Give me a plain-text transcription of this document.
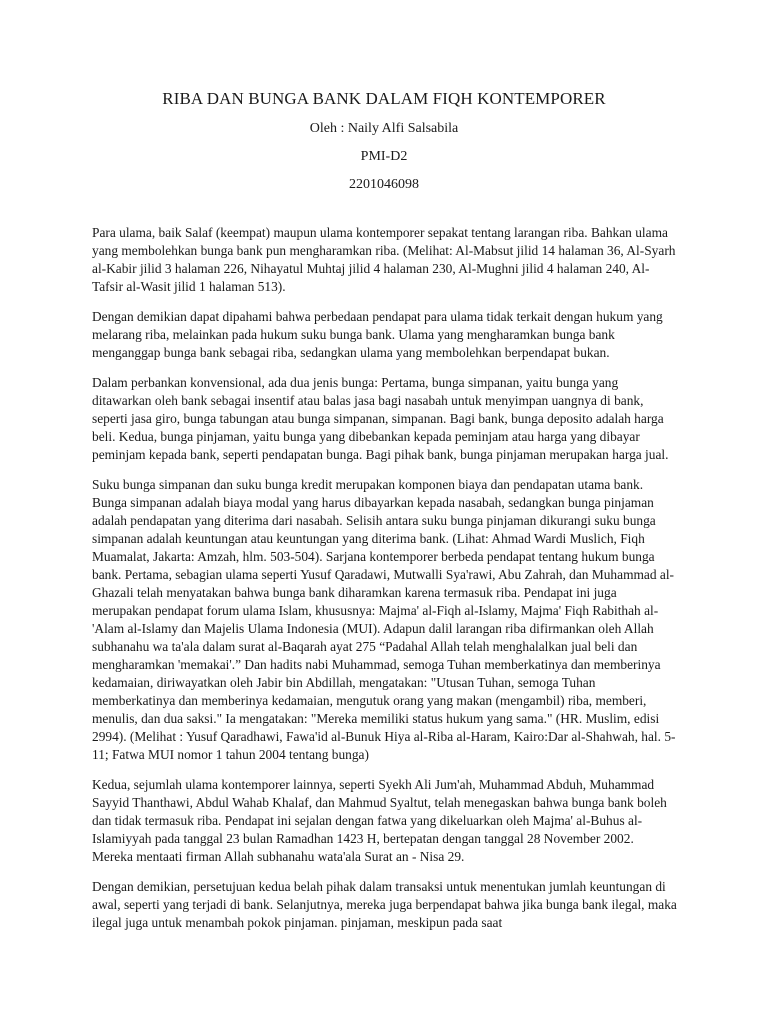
RIBA DAN BUNGA BANK DALAM FIQH KONTEMPORER

Oleh : Naily Alfi Salsabila

PMI-D2

2201046098

Para ulama, baik Salaf (keempat) maupun ulama kontemporer sepakat tentang larangan riba. Bahkan ulama yang membolehkan bunga bank pun mengharamkan riba. (Melihat: Al-Mabsut jilid 14 halaman 36, Al-Syarh al-Kabir jilid 3 halaman 226, Nihayatul Muhtaj jilid 4 halaman 230, Al-Mughni jilid 4 halaman 240, Al-Tafsir al-Wasit jilid 1 halaman 513).

Dengan demikian dapat dipahami bahwa perbedaan pendapat para ulama tidak terkait dengan hukum yang melarang riba, melainkan pada hukum suku bunga bank. Ulama yang mengharamkan bunga bank menganggap bunga bank sebagai riba, sedangkan ulama yang membolehkan berpendapat bukan.

Dalam perbankan konvensional, ada dua jenis bunga: Pertama, bunga simpanan, yaitu bunga yang ditawarkan oleh bank sebagai insentif atau balas jasa bagi nasabah untuk menyimpan uangnya di bank, seperti jasa giro, bunga tabungan atau bunga simpanan, simpanan. Bagi bank, bunga deposito adalah harga beli. Kedua, bunga pinjaman, yaitu bunga yang dibebankan kepada peminjam atau harga yang dibayar peminjam kepada bank, seperti pendapatan bunga. Bagi pihak bank, bunga pinjaman merupakan harga jual.

Suku bunga simpanan dan suku bunga kredit merupakan komponen biaya dan pendapatan utama bank. Bunga simpanan adalah biaya modal yang harus dibayarkan kepada nasabah, sedangkan bunga pinjaman adalah pendapatan yang diterima dari nasabah. Selisih antara suku bunga pinjaman dikurangi suku bunga simpanan adalah keuntungan atau keuntungan yang diterima bank. (Lihat: Ahmad Wardi Muslich, Fiqh Muamalat, Jakarta: Amzah, hlm. 503-504). Sarjana kontemporer berbeda pendapat tentang hukum bunga bank. Pertama, sebagian ulama seperti Yusuf Qaradawi, Mutwalli Sya'rawi, Abu Zahrah, dan Muhammad al-Ghazali telah menyatakan bahwa bunga bank diharamkan karena termasuk riba. Pendapat ini juga merupakan pendapat forum ulama Islam, khususnya: Majma' al-Fiqh al-Islamy, Majma' Fiqh Rabithah al-'Alam al-Islamy dan Majelis Ulama Indonesia (MUI). Adapun dalil larangan riba difirmankan oleh Allah subhanahu wa ta'ala dalam surat al-Baqarah ayat 275 “Padahal Allah telah menghalalkan jual beli dan mengharamkan 'memakai'.” Dan hadits nabi Muhammad, semoga Tuhan memberkatinya dan memberinya kedamaian, diriwayatkan oleh Jabir bin Abdillah, mengatakan: "Utusan Tuhan, semoga Tuhan memberkatinya dan memberinya kedamaian, mengutuk orang yang makan (mengambil) riba, memberi, menulis, dan dua saksi." Ia mengatakan: "Mereka memiliki status hukum yang sama." (HR. Muslim, edisi 2994). (Melihat : Yusuf Qaradhawi, Fawa'id al-Bunuk Hiya al-Riba al-Haram, Kairo:Dar al-Shahwah, hal. 5-11; Fatwa MUI nomor 1 tahun 2004 tentang bunga)

Kedua, sejumlah ulama kontemporer lainnya, seperti Syekh Ali Jum'ah, Muhammad Abduh, Muhammad Sayyid Thanthawi, Abdul Wahab Khalaf, dan Mahmud Syaltut, telah menegaskan bahwa bunga bank boleh dan tidak termasuk riba. Pendapat ini sejalan dengan fatwa yang dikeluarkan oleh Majma' al-Buhus al-Islamiyyah pada tanggal 23 bulan Ramadhan 1423 H, bertepatan dengan tanggal 28 November 2002. Mereka mentaati firman Allah subhanahu wata'ala Surat an - Nisa 29.

Dengan demikian, persetujuan kedua belah pihak dalam transaksi untuk menentukan jumlah keuntungan di awal, seperti yang terjadi di bank. Selanjutnya, mereka juga berpendapat bahwa jika bunga bank ilegal, maka ilegal juga untuk menambah pokok pinjaman. pinjaman, meskipun pada saat
